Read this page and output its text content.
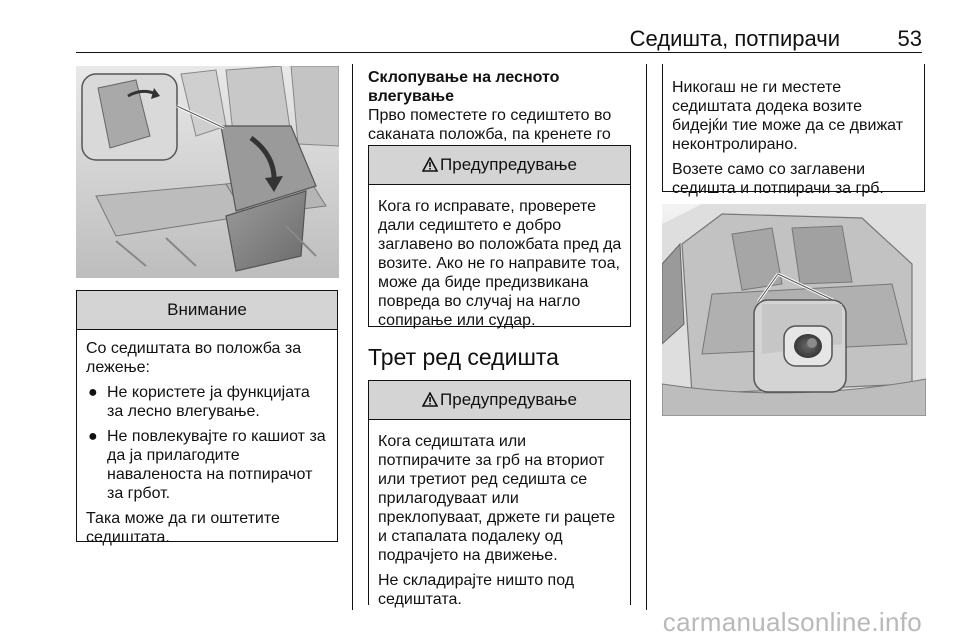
Седишта, потпирачи	53
Внимание

Со седиштата во положба за лежење:

● Не користете ја функцијата за лесно влегување.
● Не повлекувајте го кашиот за да ја прилагодите наваленоста на потпирачот за грбот.

Така може да ги оштетите седиштата.

Склопување на лесното влегување
Прво поместете го седиштето во саканата положба, па кренете го
Предупредување

Кога го исправате, проверете дали седиштето е добро заглавено во положбата пред да возите. Ако не го направите тоа, може да биде предизвикана повреда во случај на нагло сопирање или судар.

Трет ред седишта
Предупредување

Кога седиштата или потпирачите за грб на вториот или третиот ред седишта се прилагодуваат или преклопуваат, држете ги рацете и стапалата подалеку од подрачјето на движење.

Не складирајте ништо под седиштата.

Никогаш не ги местете седиштата додека возите бидејќи тие може да се движат неконтролирано.

Возете само со заглавени седишта и потпирачи за грб.

carmanualsonline.info
